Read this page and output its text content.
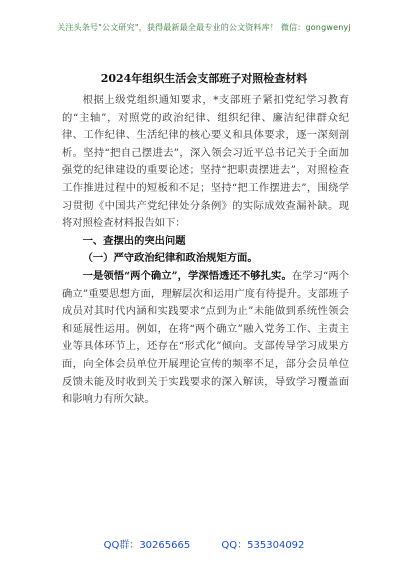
关注头条号"公文研究"，获得最新最全最专业的公文资料库！ 微信：gongwenyj
2024年组织生活会支部班子对照检查材料

根据上级党组织通知要求，*支部班子紧扣党纪学习教育的“主轴”，对照党的政治纪律、组织纪律、廉洁纪律群众纪律、工作纪律、生活纪律的核心要义和具体要求，逐一深刻剖析。坚持“把自己摆进去”，深入领会习近平总书记关于全面加强党的纪律建设的重要论述；坚持“把职责摆进去”，对照检查工作推进过程中的短板和不足；坚持“把工作摆进去”，围绕学习贯彻《中国共产党纪律处分条例》的实际成效查漏补缺。现将对照检查材料报告如下：

一、查摆出的突出问题

（一）严守政治纪律和政治规矩方面。

一是领悟“两个确立”，学深悟透还不够扎实。在学习“两个确立”重要思想方面，理解层次和运用广度有待提升。支部班子成员对其时代内涵和实践要求“点到为止”未能做到系统性领会和延展性运用。例如，在将“两个确立”融入党务工作、主责主业等具体环节上，还存在“形式化”倾向。支部传导学习成果方面，向全体会员单位开展理论宣传的频率不足，部分会员单位反馈未能及时收到关于实践要求的深入解读，导致学习覆盖面和影响力有所欠缺。

QQ群：30265665	QQ：535304092
